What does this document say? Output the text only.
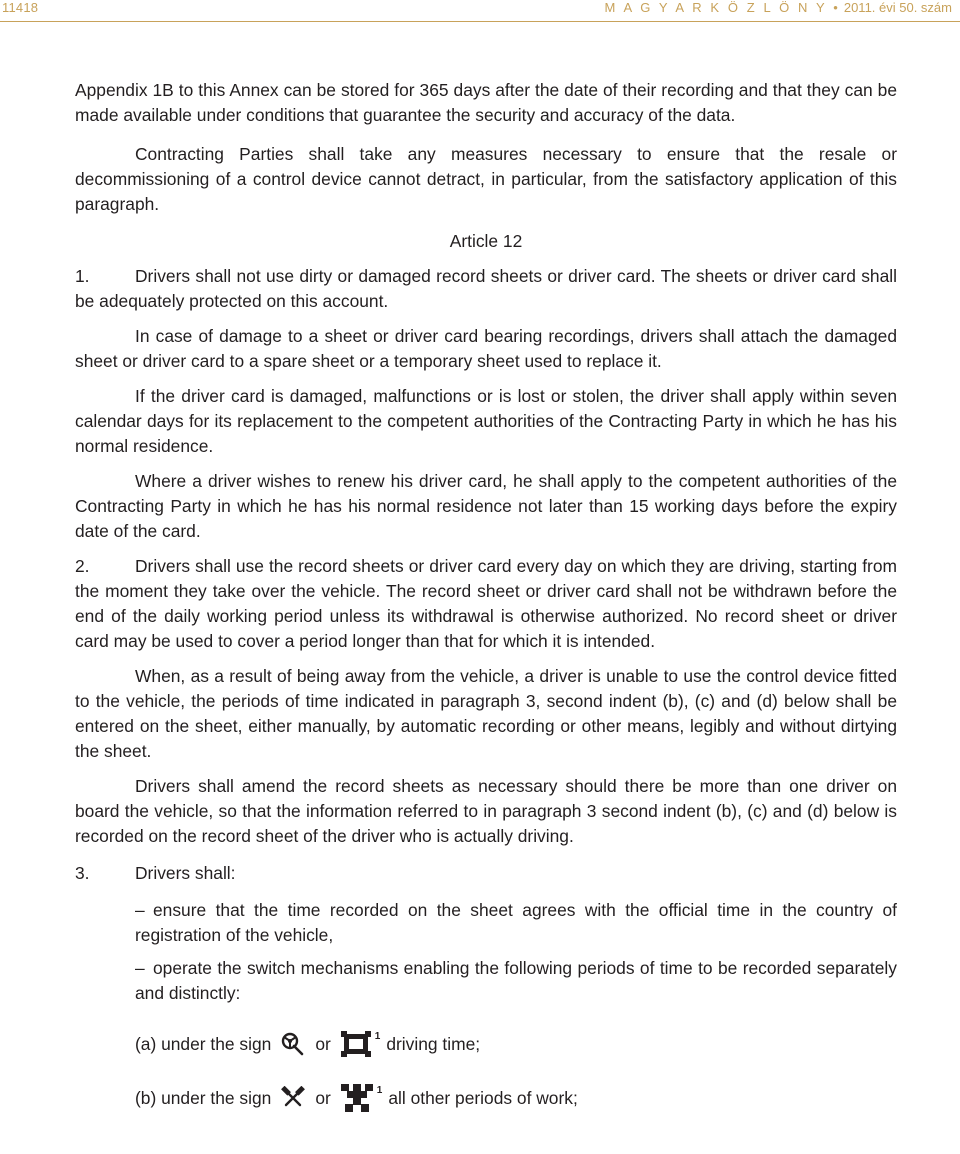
11418	M A G Y A R K Ö Z L Ö N Y • 2011. évi 50. szám

Appendix 1B to this Annex can be stored for 365 days after the date of their recording and that they can be made available under conditions that guarantee the security and accuracy of the data.

Contracting Parties shall take any measures necessary to ensure that the resale or decommissioning of a control device cannot detract, in particular, from the satisfactory application of this paragraph.

Article 12

1.	Drivers shall not use dirty or damaged record sheets or driver card. The sheets or driver card shall be adequately protected on this account.

In case of damage to a sheet or driver card bearing recordings, drivers shall attach the damaged sheet or driver card to a spare sheet or a temporary sheet used to replace it.

If the driver card is damaged, malfunctions or is lost or stolen, the driver shall apply within seven calendar days for its replacement to the competent authorities of the Contracting Party in which he has his normal residence.

Where a driver wishes to renew his driver card, he shall apply to the competent authorities of the Contracting Party in which he has his normal residence not later than 15 working days before the expiry date of the card.

2.	Drivers shall use the record sheets or driver card every day on which they are driving, starting from the moment they take over the vehicle. The record sheet or driver card shall not be withdrawn before the end of the daily working period unless its withdrawal is otherwise authorized. No record sheet or driver card may be used to cover a period longer than that for which it is intended.

When, as a result of being away from the vehicle, a driver is unable to use the control device fitted to the vehicle, the periods of time indicated in paragraph 3, second indent (b), (c) and (d) below shall be entered on the sheet, either manually, by automatic recording or other means, legibly and without dirtying the sheet.

Drivers shall amend the record sheets as necessary should there be more than one driver on board the vehicle, so that the information referred to in paragraph 3 second indent (b), (c) and (d) below is recorded on the record sheet of the driver who is actually driving.

3.	Drivers shall:

– ensure that the time recorded on the sheet agrees with the official time in the country of registration of the vehicle,

– operate the switch mechanisms enabling the following periods of time to be recorded separately and distinctly:

(a) under the sign	or	1 driving time;
(b) under the sign	or	1 all other periods of work;
